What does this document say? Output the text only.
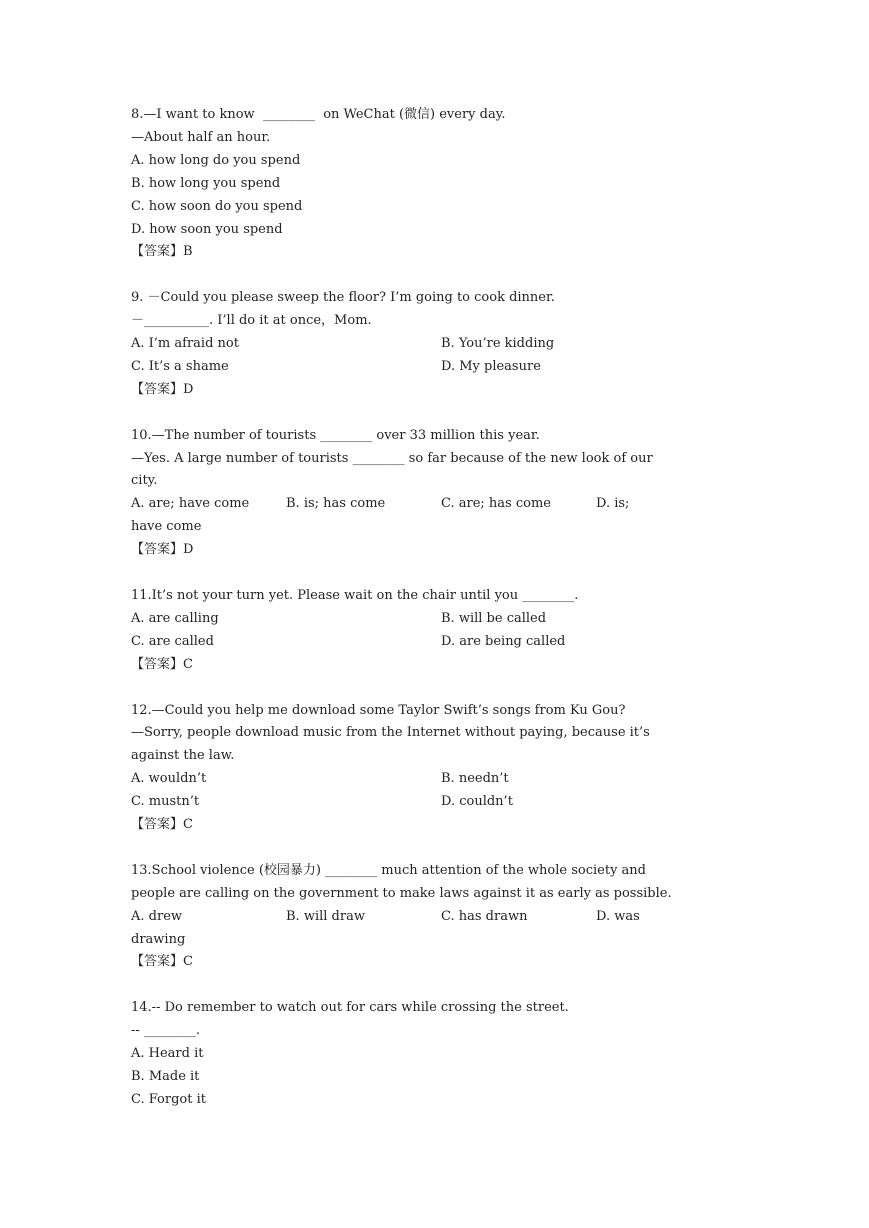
8.—I want to know  ________  on WeChat (微信) every day.
—About half an hour.
A. how long do you spend
B. how long you spend
C. how soon do you spend
D. how soon you spend
【答案】B
9. －Could you please sweep the floor? I’m going to cook dinner.
－__________. I’ll do it at once，Mom.
A. I’m afraid not	B. You’re kidding
C. It’s a shame	D. My pleasure
【答案】D
10.—The number of tourists ________ over 33 million this year.
—Yes. A large number of tourists ________ so far because of the new look of our
city.
A. are; have come	B. is; has come	C. are; has come	D. is;
have come
【答案】D
11.It’s not your turn yet. Please wait on the chair until you ________.
A. are calling	B. will be called
C. are called	D. are being called
【答案】C
12.—Could you help me download some Taylor Swift’s songs from Ku Gou?
—Sorry, people download music from the Internet without paying, because it’s
against the law.
A. wouldn’t	B. needn’t
C. mustn’t	D. couldn’t
【答案】C
13.School violence (校园暴力) ________ much attention of the whole society and
people are calling on the government to make laws against it as early as possible.
A. drew	B. will draw	C. has drawn	D. was
drawing
【答案】C
14.-- Do remember to watch out for cars while crossing the street.
-- ________.
A. Heard it
B. Made it
C. Forgot it
